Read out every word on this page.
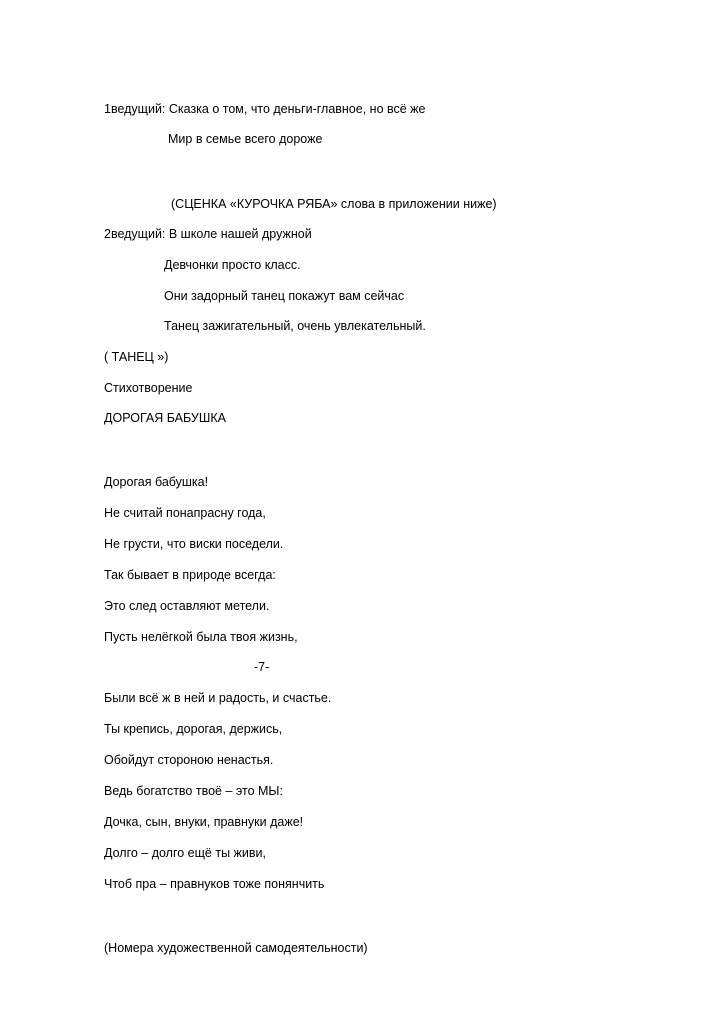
1ведущий: Сказка о том, что деньги-главное, но всё же

Мир в семье всего дороже

(СЦЕНКА «КУРОЧКА РЯБА» слова в приложении ниже)

2ведущий: В школе нашей дружной

Девчонки просто класс.

Они задорный танец покажут вам сейчас

Танец зажигательный, очень увлекательный.

( ТАНЕЦ »)

Стихотворение

ДОРОГАЯ БАБУШКА

Дорогая бабушка!

Не считай понапрасну года,

Не грусти, что виски поседели.

Так бывает в природе всегда:

Это след оставляют метели.

Пусть нелёгкой была твоя жизнь,

-7-

Были всё ж в ней и радость, и счастье.

Ты крепись, дорогая, держись,

Обойдут стороною ненастья.

Ведь богатство твоё – это МЫ:

Дочка, сын, внуки, правнуки даже!

Долго – долго ещё ты живи,

Чтоб пра – правнуков тоже понянчить

(Номера художественной самодеятельности)
